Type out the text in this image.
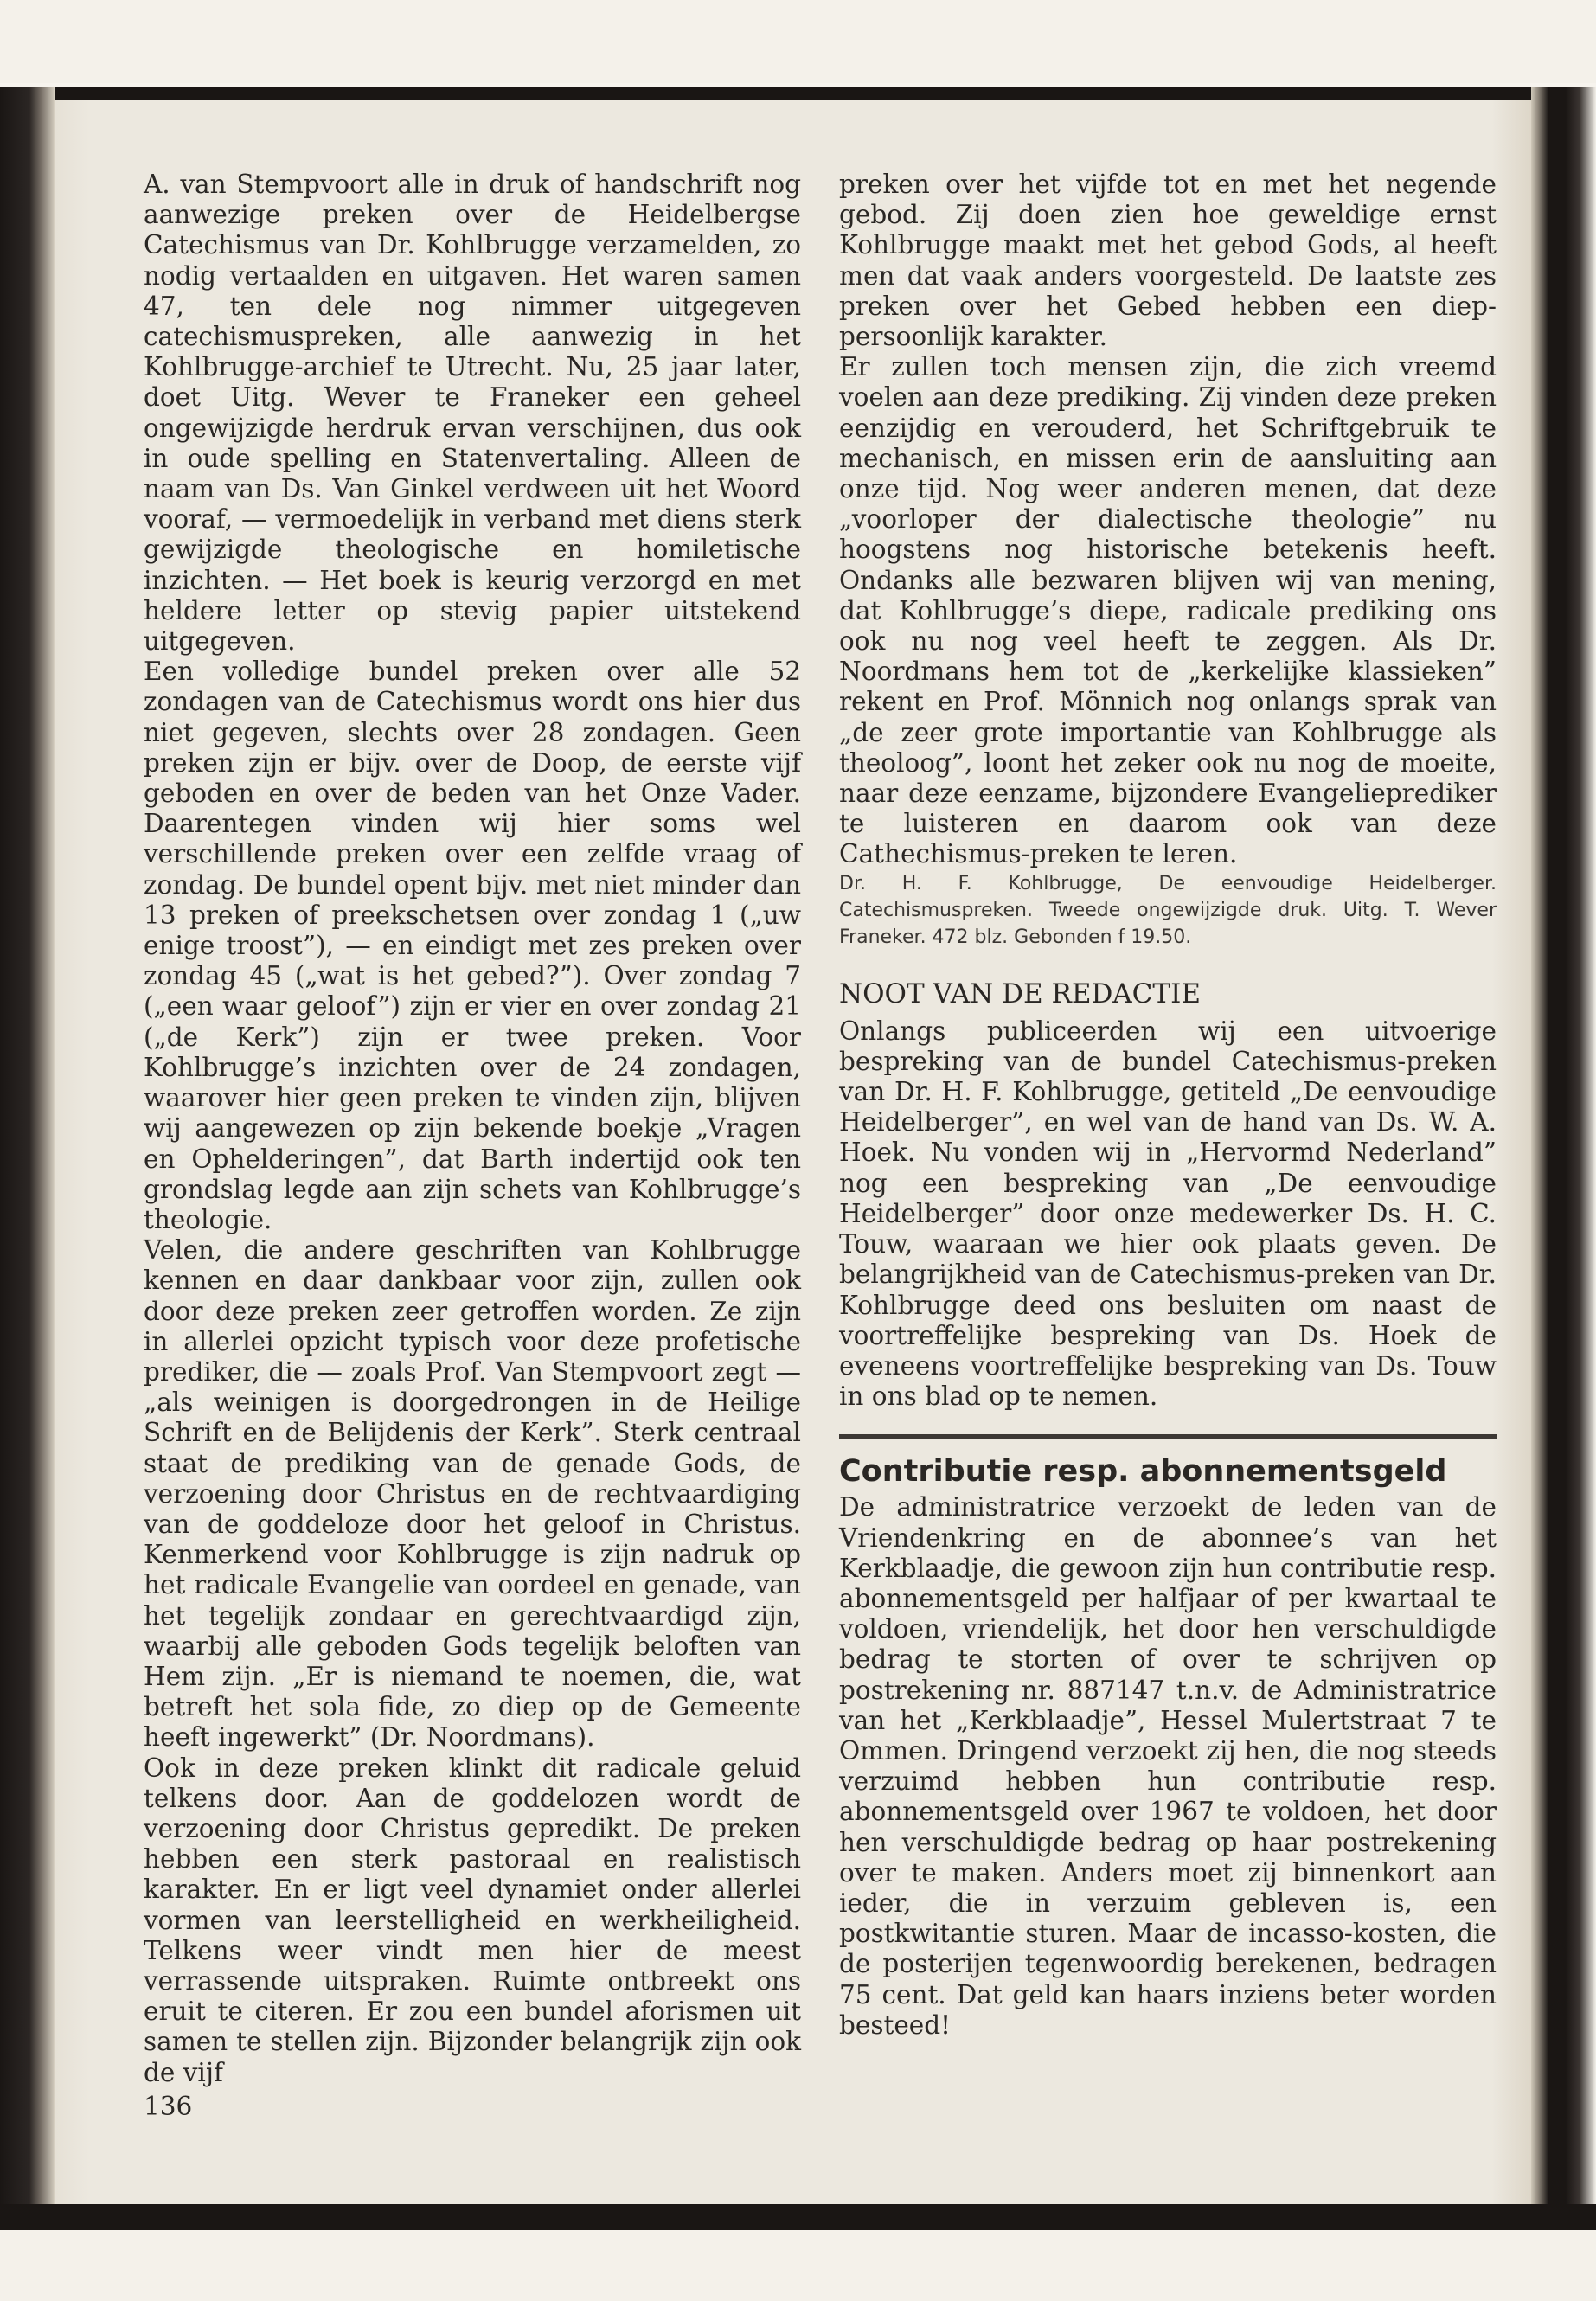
A. van Stempvoort alle in druk of handschrift nog aanwezige preken over de Heidelbergse Catechismus van Dr. Kohlbrugge verzamelden, zo nodig vertaalden en uitgaven. Het waren samen 47, ten dele nog nimmer uitgegeven catechismuspreken, alle aanwezig in het Kohlbrugge-archief te Utrecht. Nu, 25 jaar later, doet Uitg. Wever te Franeker een geheel ongewijzigde herdruk ervan verschijnen, dus ook in oude spelling en Statenvertaling. Alleen de naam van Ds. Van Ginkel verdween uit het Woord vooraf, — vermoedelijk in verband met diens sterk gewijzigde theologische en homiletische inzichten. — Het boek is keurig verzorgd en met heldere letter op stevig papier uitstekend uitgegeven.

Een volledige bundel preken over alle 52 zondagen van de Catechismus wordt ons hier dus niet gegeven, slechts over 28 zondagen. Geen preken zijn er bijv. over de Doop, de eerste vijf geboden en over de beden van het Onze Vader. Daarentegen vinden wij hier soms wel verschillende preken over een zelfde vraag of zondag. De bundel opent bijv. met niet minder dan 13 preken of preekschetsen over zondag 1 („uw enige troost”), — en eindigt met zes preken over zondag 45 („wat is het gebed?”). Over zondag 7 („een waar geloof”) zijn er vier en over zondag 21 („de Kerk”) zijn er twee preken. Voor Kohlbrugge’s inzichten over de 24 zondagen, waarover hier geen preken te vinden zijn, blijven wij aangewezen op zijn bekende boekje „Vragen en Ophelderingen”, dat Barth indertijd ook ten grondslag legde aan zijn schets van Kohlbrugge’s theologie.

Velen, die andere geschriften van Kohlbrugge kennen en daar dankbaar voor zijn, zullen ook door deze preken zeer getroffen worden. Ze zijn in allerlei opzicht typisch voor deze profetische prediker, die — zoals Prof. Van Stempvoort zegt — „als weinigen is doorgedrongen in de Heilige Schrift en de Belijdenis der Kerk”. Sterk centraal staat de prediking van de genade Gods, de verzoening door Christus en de rechtvaardiging van de goddeloze door het geloof in Christus. Kenmerkend voor Kohlbrugge is zijn nadruk op het radicale Evangelie van oordeel en genade, van het tegelijk zondaar en gerechtvaardigd zijn, waarbij alle geboden Gods tegelijk beloften van Hem zijn. „Er is niemand te noemen, die, wat betreft het sola fide, zo diep op de Gemeente heeft ingewerkt” (Dr. Noordmans).

Ook in deze preken klinkt dit radicale geluid telkens door. Aan de goddelozen wordt de verzoening door Christus gepredikt. De preken hebben een sterk pastoraal en realistisch karakter. En er ligt veel dynamiet onder allerlei vormen van leerstelligheid en werkheiligheid. Telkens weer vindt men hier de meest verrassende uitspraken. Ruimte ontbreekt ons eruit te citeren. Er zou een bundel aforismen uit samen te stellen zijn. Bijzonder belangrijk zijn ook de vijf

136

preken over het vijfde tot en met het negende gebod. Zij doen zien hoe geweldige ernst Kohlbrugge maakt met het gebod Gods, al heeft men dat vaak anders voorgesteld. De laatste zes preken over het Gebed hebben een diep-persoonlijk karakter.

Er zullen toch mensen zijn, die zich vreemd voelen aan deze prediking. Zij vinden deze preken eenzijdig en verouderd, het Schriftgebruik te mechanisch, en missen erin de aansluiting aan onze tijd. Nog weer anderen menen, dat deze „voorloper der dialectische theologie” nu hoogstens nog historische betekenis heeft. Ondanks alle bezwaren blijven wij van mening, dat Kohlbrugge’s diepe, radicale prediking ons ook nu nog veel heeft te zeggen. Als Dr. Noordmans hem tot de „kerkelijke klassieken” rekent en Prof. Mönnich nog onlangs sprak van „de zeer grote importantie van Kohlbrugge als theoloog”, loont het zeker ook nu nog de moeite, naar deze eenzame, bijzondere Evangelieprediker te luisteren en daarom ook van deze Cathechismus-preken te leren.

Dr. H. F. Kohlbrugge, De eenvoudige Heidelberger. Catechismuspreken. Tweede ongewijzigde druk. Uitg. T. Wever Franeker. 472 blz. Gebonden f 19.50.

NOOT VAN DE REDACTIE

Onlangs publiceerden wij een uitvoerige bespreking van de bundel Catechismus-preken van Dr. H. F. Kohlbrugge, getiteld „De eenvoudige Heidelberger”, en wel van de hand van Ds. W. A. Hoek. Nu vonden wij in „Hervormd Nederland” nog een bespreking van „De eenvoudige Heidelberger” door onze medewerker Ds. H. C. Touw, waaraan we hier ook plaats geven. De belangrijkheid van de Catechismus-preken van Dr. Kohlbrugge deed ons besluiten om naast de voortreffelijke bespreking van Ds. Hoek de eveneens voortreffelijke bespreking van Ds. Touw in ons blad op te nemen.

Contributie resp. abonnementsgeld

De administratrice verzoekt de leden van de Vriendenkring en de abonnee’s van het Kerkblaadje, die gewoon zijn hun contributie resp. abonnementsgeld per halfjaar of per kwartaal te voldoen, vriendelijk, het door hen verschuldigde bedrag te storten of over te schrijven op postrekening nr. 887147 t.n.v. de Administratrice van het „Kerkblaadje”, Hessel Mulertstraat 7 te Ommen. Dringend verzoekt zij hen, die nog steeds verzuimd hebben hun contributie resp. abonnementsgeld over 1967 te voldoen, het door hen verschuldigde bedrag op haar postrekening over te maken. Anders moet zij binnenkort aan ieder, die in verzuim gebleven is, een postkwitantie sturen. Maar de incasso-kosten, die de posterijen tegenwoordig berekenen, bedragen 75 cent. Dat geld kan haars inziens beter worden besteed!
